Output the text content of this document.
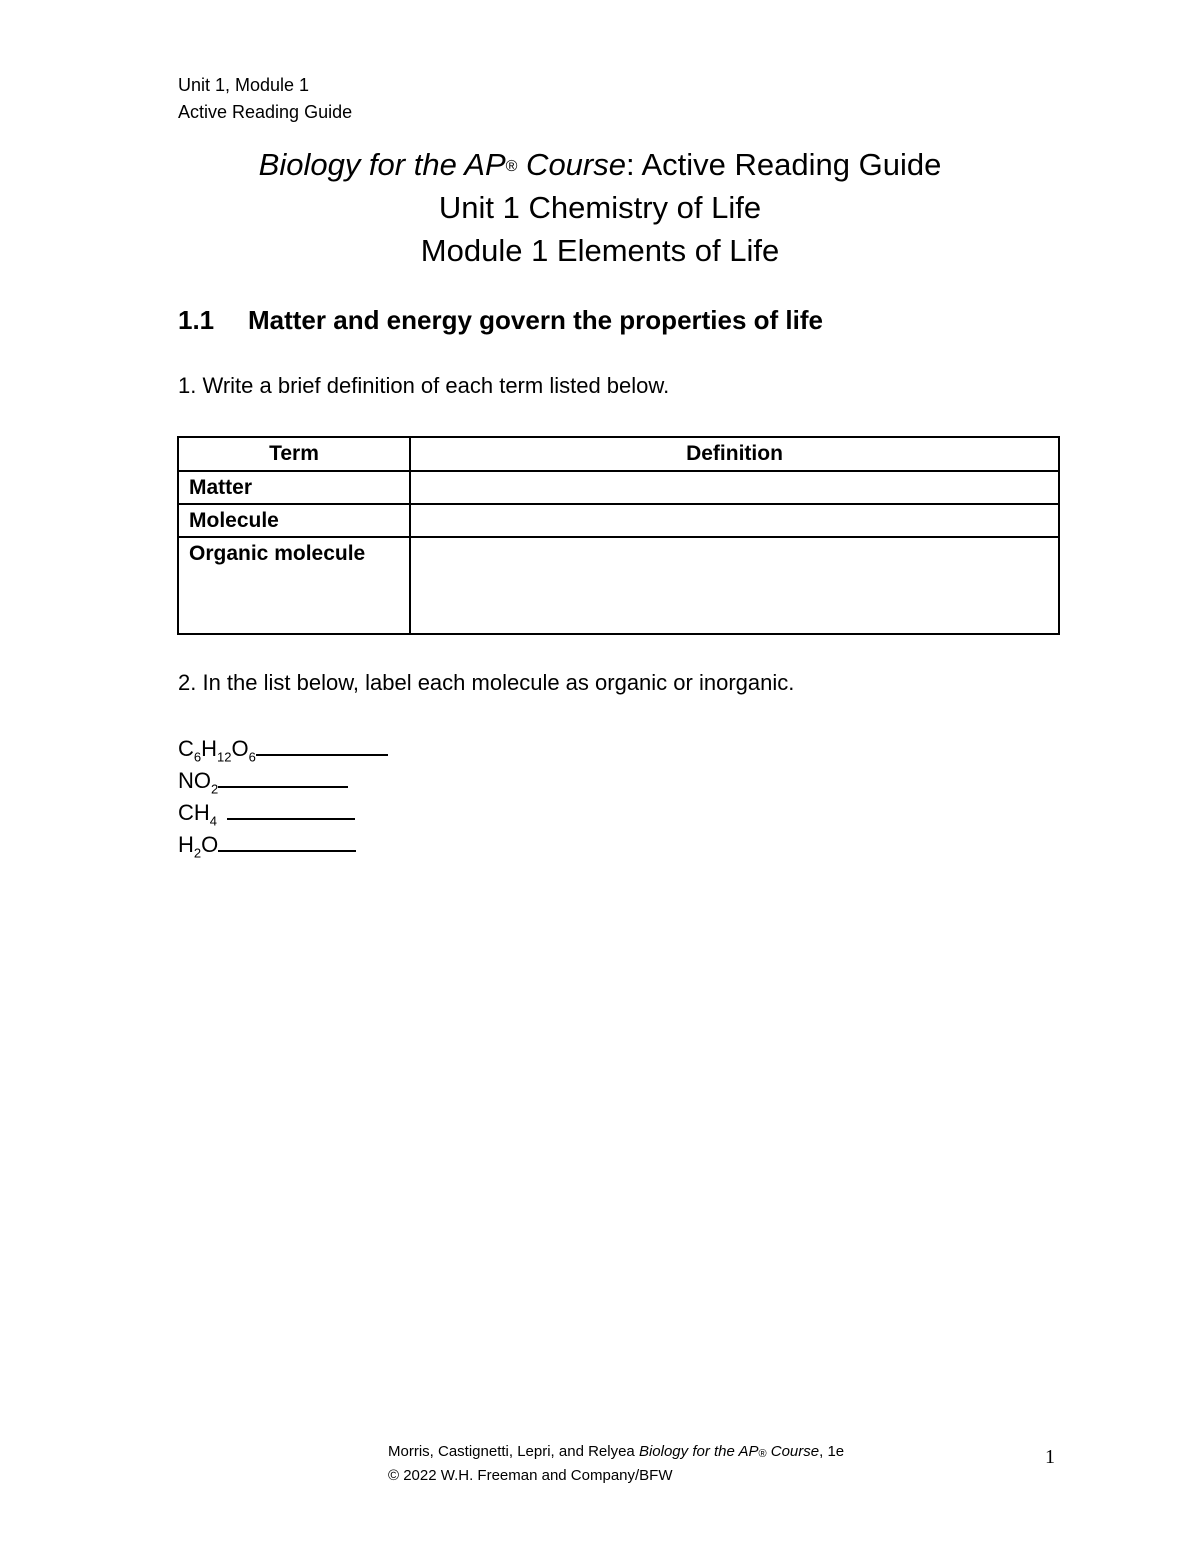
Unit 1, Module 1
Active Reading Guide
Biology for the AP® Course: Active Reading Guide
Unit 1 Chemistry of Life
Module 1 Elements of Life
1.1 Matter and energy govern the properties of life
1. Write a brief definition of each term listed below.
Term	Definition
Matter	
Molecule	
Organic molecule	
2. In the list below, label each molecule as organic or inorganic.
$C_6H_{12}O_6$
$NO_2$
$CH_4$
$H_2O$
Morris, Castignetti, Lepri, and Relyea Biology for the AP® Course, 1e
© 2022 W.H. Freeman and Company/BFW
1
